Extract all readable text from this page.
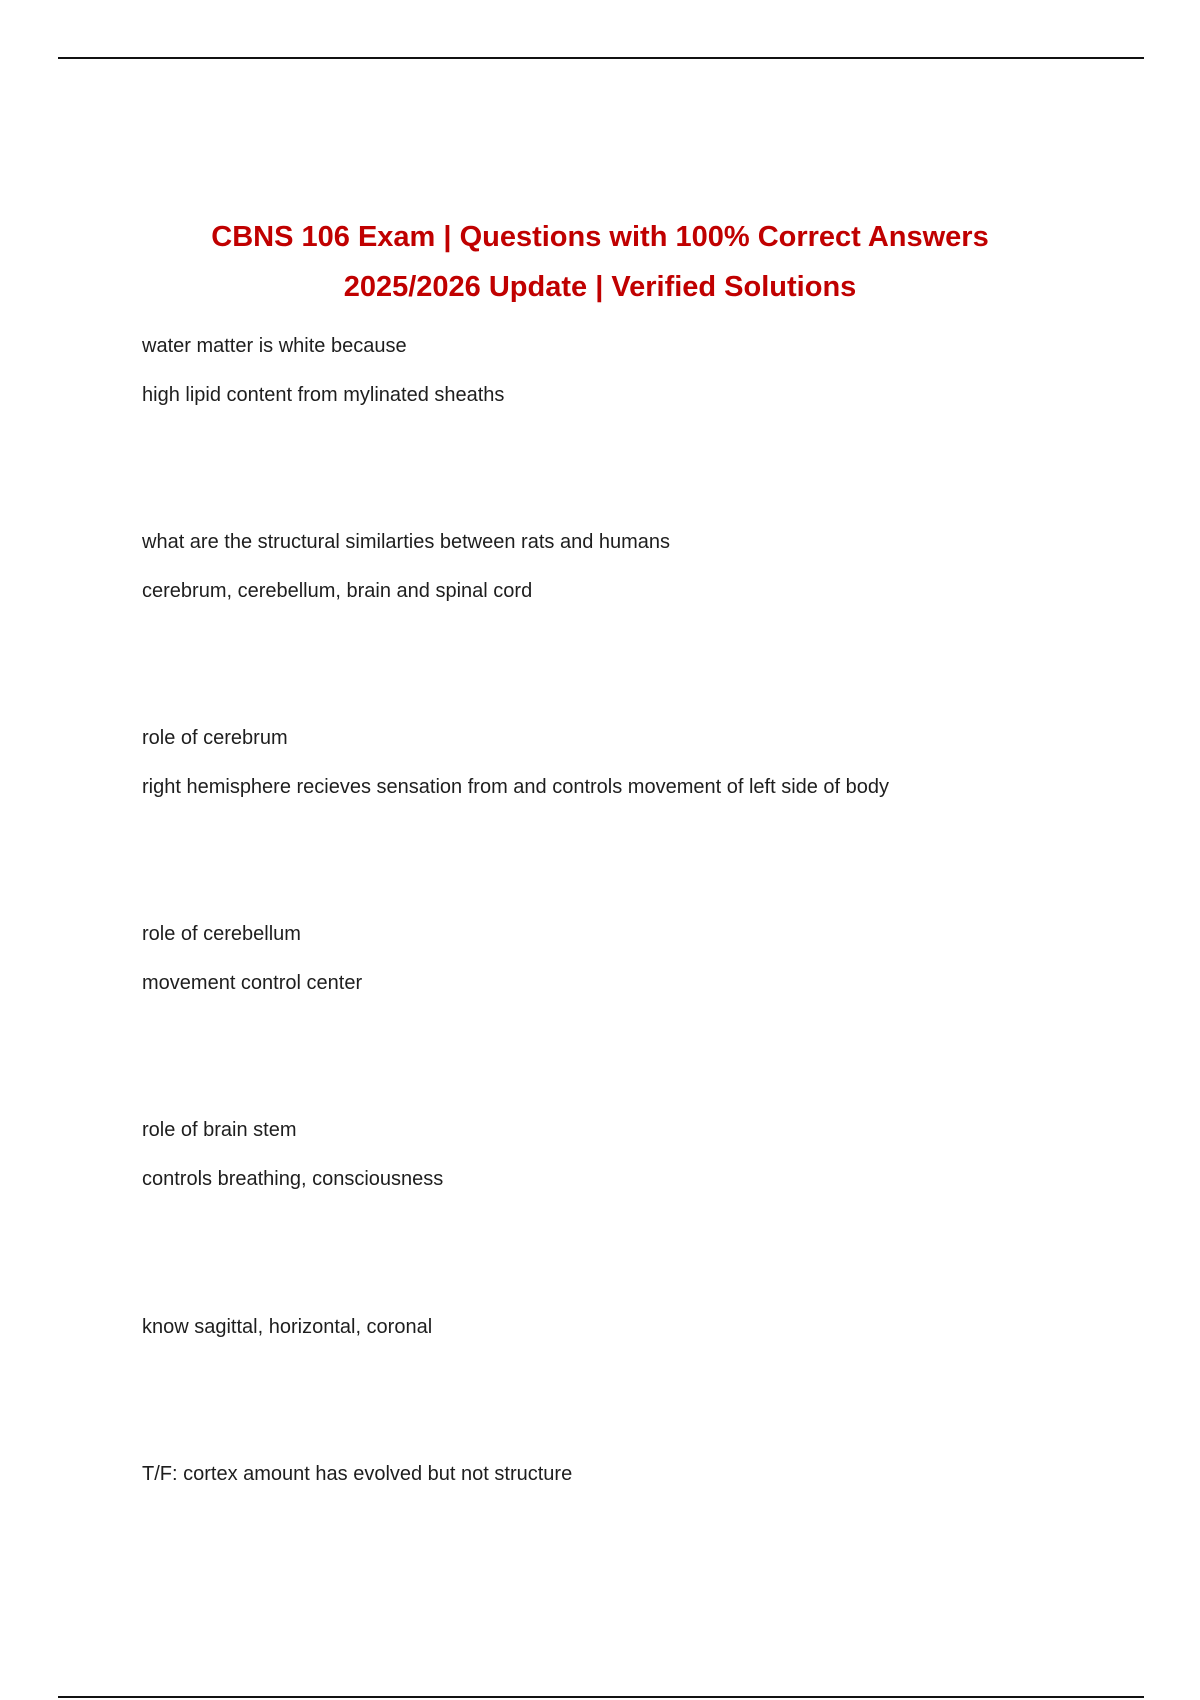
CBNS 106 Exam | Questions with 100% Correct Answers
2025/2026 Update | Verified Solutions
water matter is white because
high lipid content from mylinated sheaths
what are the structural similarties between rats and humans
cerebrum, cerebellum, brain and spinal cord
role of cerebrum
right hemisphere recieves sensation from and controls movement of left side of body
role of cerebellum
movement control center
role of brain stem
controls breathing, consciousness
know sagittal, horizontal, coronal
T/F: cortex amount has evolved but not structure
